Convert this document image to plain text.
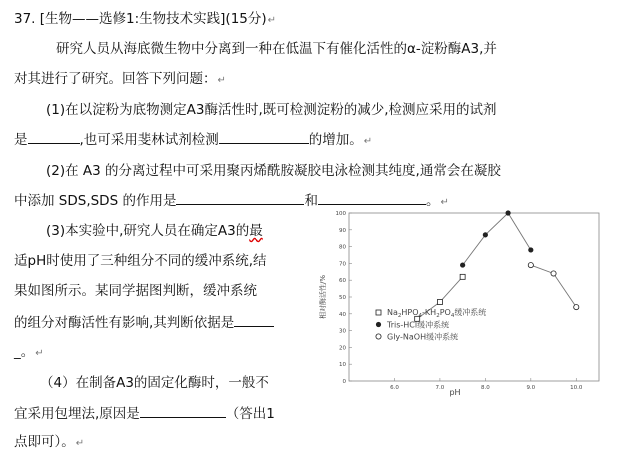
37. [生物——选修1:生物技术实践](15分)↵
研究人员从海底微生物中分离到一种在低温下有催化活性的α-淀粉酶A3,并
对其进行了研究。回答下列问题：↵
(1)在以淀粉为底物测定A3酶活性时,既可检测淀粉的减少,检测应采用的试剂
是	,也可采用斐林试剂检测	的增加。↵
(2)在 A3 的分离过程中可采用聚丙烯酰胺凝胶电泳检测其纯度,通常会在凝胶
中添加 SDS,SDS 的作用是	和	。↵
(3)本实验中,研究人员在确定A3的最
适pH时使用了三种组分不同的缓冲系统,结
果如图所示。某同学据图判断，缓冲系统
的组分对酶活性有影响,其判断依据是
_。↵
（4）在制备A3的固定化酶时，一般不
宜采用包埋法,原因是	（答出1
点即可）。↵
0
10
20
30
40
50
60
70
80
90
100
6.0	7.0	8.0	9.0	10.0
相对酶活性/%
pH
$Na_2HPO_4-KH_2PO_4$缓冲系统
Tris-HCl缓冲系统
Gly-NaOH缓冲系统
